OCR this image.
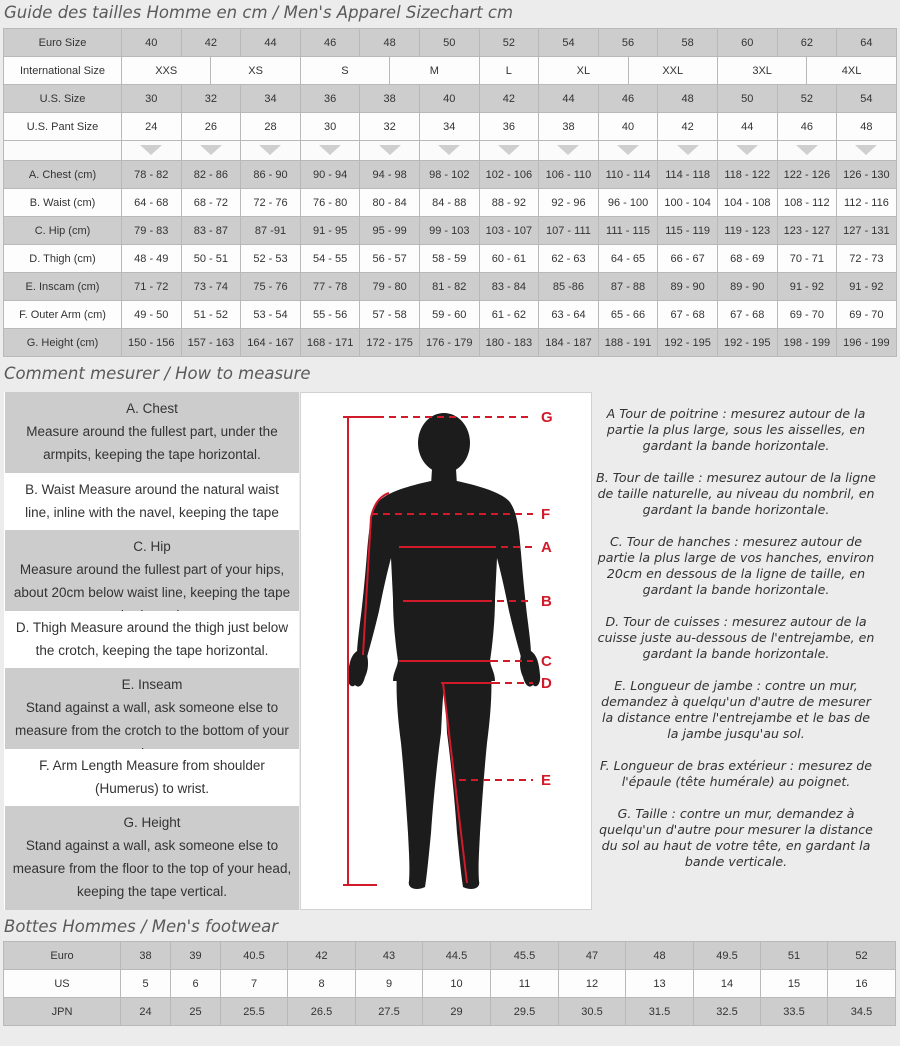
Guide des tailles Homme en cm / Men's Apparel Sizechart cm
Euro Size	40	42		44	46	48		50	52	54	56		58	60	62		64
International Size	XXS		XS		S		M		L	XL		XXL		3XL		4XL	
U.S. Size	30	32		34	36	38		40	42	44	46		48	50	52		54
U.S. Pant Size	24	26		28	30	32		34	36	38	40		42	44	46		48

A. Chest (cm)	78 - 82	82 - 86		86 - 90	90 - 94	94 - 98		98 - 102	102 - 106	106 - 110	110 - 114		114 - 118	118 - 122	122 - 126		126 - 130
B. Waist (cm)	64 - 68	68 - 72		72 - 76	76 - 80	80 - 84		84 - 88	88 - 92	92 - 96	96 - 100		100 - 104	104 - 108	108 - 112		112 - 116
C. Hip (cm)	79 - 83	83 - 87		87 -91	91 - 95	95 - 99		99 - 103	103 - 107	107 - 111	111 - 115		115 - 119	119 - 123	123 - 127		127 - 131
D. Thigh (cm)	48 - 49	50 - 51		52 - 53	54 - 55	56 - 57		58 - 59	60 - 61	62 - 63	64 - 65		66 - 67	68 - 69	70 - 71		72 - 73
E. Inscam (cm)	71 - 72	73 - 74		75 - 76	77 - 78	79 - 80		81 - 82	83 - 84	85 -86	87 - 88		89 - 90	89 - 90	91 - 92		91 - 92
F. Outer Arm (cm)	49 - 50	51 - 52		53 - 54	55 - 56	57 - 58		59 - 60	61 - 62	63 - 64	65 - 66		67 - 68	67 - 68	69 - 70		69 - 70
G. Height (cm)	150 - 156	157 - 163		164 - 167	168 - 171	172 - 175		176 - 179	180 - 183	184 - 187	188 - 191		192 - 195	192 - 195	198 - 199		196 - 199
Comment mesurer / How to measure
A. Chest
Measure around the fullest part, under the armpits, keeping the tape horizontal.
B. Waist Measure around the natural waist line, inline with the navel, keeping the tape
C. Hip
Measure around the fullest part of your hips, about 20cm below waist line, keeping the tape
D. Thigh Measure around the thigh just below the crotch, keeping the tape horizontal.
E. Inseam
Stand against a wall, ask someone else to measure from the crotch to the bottom of your
F. Arm Length Measure from shoulder (Humerus) to wrist.
G. Height
Stand against a wall, ask someone else to measure from the floor to the top of your head, keeping the tape vertical.
G
F
A
B
C
D
E

A Tour de poitrine : mesurez autour de la partie la plus large, sous les aisselles, en gardant la bande horizontale.

B. Tour de taille : mesurez autour de la ligne de taille naturelle, au niveau du nombril, en gardant la bande horizontale.

C. Tour de hanches : mesurez autour de partie la plus large de vos hanches, environ 20cm en dessous de la ligne de taille, en gardant la bande horizontale.

D. Tour de cuisses : mesurez autour de la cuisse juste au-dessous de l'entrejambe, en gardant la bande horizontale.

E. Longueur de jambe : contre un mur, demandez à quelqu'un d'autre de mesurer la distance entre l'entrejambe et le bas de la jambe jusqu'au sol.

F. Longueur de bras extérieur : mesurez de l'épaule (tête humérale) au poignet.

G. Taille : contre un mur, demandez à quelqu'un d'autre pour mesurer la distance du sol au haut de votre tête, en gardant la bande verticale.

Bottes Hommes / Men's footwear
Euro	38	39	40.5	42	43	44.5	45.5	47	48	49.5	51	52
US	5	6	7	8	9	10	11	12	13	14	15	16
JPN	24	25	25.5	26.5	27.5	29	29.5	30.5	31.5	32.5	33.5	34.5
